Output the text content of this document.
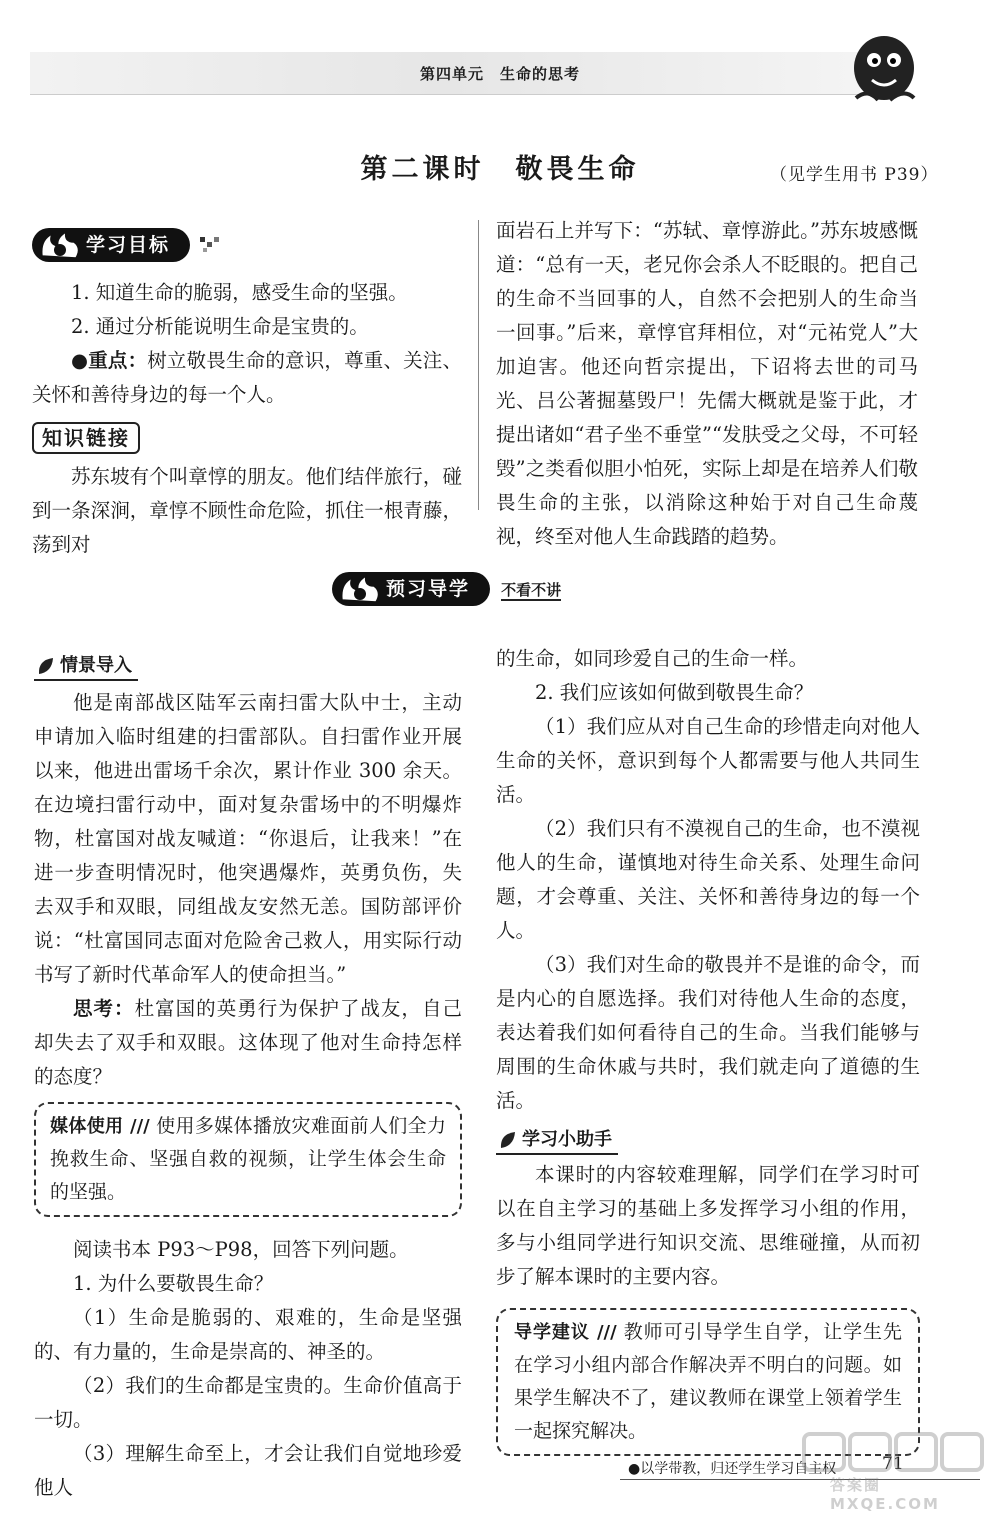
第四单元　生命的思考
第二课时　敬畏生命	（见学生用书 P39）
学习目标

1. 知道生命的脆弱，感受生命的坚强。

2. 通过分析能说明生命是宝贵的。

●重点：树立敬畏生命的意识，尊重、关注、关怀和善待身边的每一个人。

知识链接

苏东坡有个叫章惇的朋友。他们结伴旅行，碰到一条深涧，章惇不顾性命危险，抓住一根青藤，荡到对

面岩石上并写下：“苏轼、章惇游此。”苏东坡感慨道：“总有一天，老兄你会杀人不眨眼的。把自己的生命不当回事的人，自然不会把别人的生命当一回事。”后来，章惇官拜相位，对“元祐党人”大加迫害。他还向哲宗提出，下诏将去世的司马光、吕公著掘墓毁尸！先儒大概就是鉴于此，才提出诸如“君子坐不垂堂”“发肤受之父母，不可轻毁”之类看似胆小怕死，实际上却是在培养人们敬畏生命的主张，以消除这种始于对自己生命蔑视，终至对他人生命践踏的趋势。

预习导学 不看不讲
情景导入

他是南部战区陆军云南扫雷大队中士，主动申请加入临时组建的扫雷部队。自扫雷作业开展以来，他进出雷场千余次，累计作业 300 余天。在边境扫雷行动中，面对复杂雷场中的不明爆炸物，杜富国对战友喊道：“你退后，让我来！”在进一步查明情况时，他突遇爆炸，英勇负伤，失去双手和双眼，同组战友安然无恙。国防部评价说：“杜富国同志面对危险舍己救人，用实际行动书写了新时代革命军人的使命担当。”

思考：杜富国的英勇行为保护了战友，自己却失去了双手和双眼。这体现了他对生命持怎样的态度？

媒体使用 /// 使用多媒体播放灾难面前人们全力挽救生命、坚强自救的视频，让学生体会生命的坚强。

阅读书本 P93～P98，回答下列问题。

1. 为什么要敬畏生命？

（1）生命是脆弱的、艰难的，生命是坚强的、有力量的，生命是崇高的、神圣的。

（2）我们的生命都是宝贵的。生命价值高于一切。

（3）理解生命至上，才会让我们自觉地珍爱他人

的生命，如同珍爱自己的生命一样。

2. 我们应该如何做到敬畏生命？

（1）我们应从对自己生命的珍惜走向对他人生命的关怀，意识到每个人都需要与他人共同生活。

（2）我们只有不漠视自己的生命，也不漠视他人的生命，谨慎地对待生命关系、处理生命问题，才会尊重、关注、关怀和善待身边的每一个人。

（3）我们对生命的敬畏并不是谁的命令，而是内心的自愿选择。我们对待他人生命的态度，表达着我们如何看待自己的生命。当我们能够与周围的生命休戚与共时，我们就走向了道德的生活。

学习小助手

本课时的内容较难理解，同学们在学习时可以在自主学习的基础上多发挥学习小组的作用，多与小组同学进行知识交流、思维碰撞，从而初步了解本课时的主要内容。

导学建议 /// 教师可引导学生自学，让学生先在学习小组内部合作解决弄不明白的问题。如果学生解决不了，建议教师在课堂上领着学生一起探究解决。
●以学带教，归还学生学习自主权	71
答案圈 MXQE.COM
